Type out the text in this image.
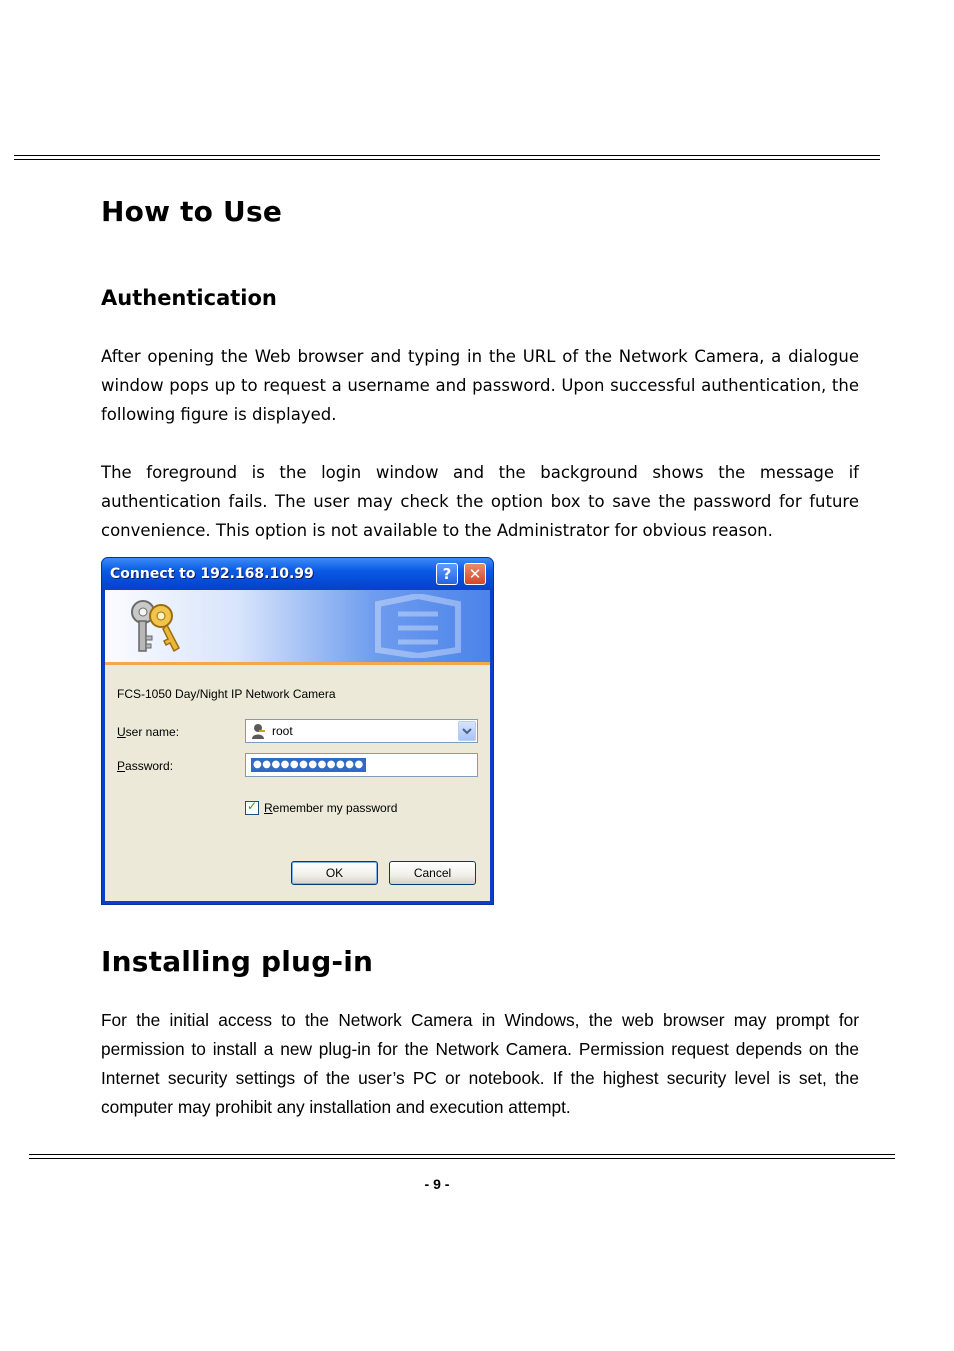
How to Use
Authentication

After opening the Web browser and typing in the URL of the Network Camera, a dialogue window pops up to request a username and password. Upon successful authentication, the following figure is displayed.

The foreground is the login window and the background shows the message if authentication fails. The user may check the option box to save the password for future convenience. This option is not available to the Administrator for obvious reason.

Connect to 192.168.10.99	?	✕
FCS-1050 Day/Night IP Network Camera
User name:	root
Password:	●●●●●●●●●●●●
✓ Remember my password
OK	Cancel
Installing plug-in

For the initial access to the Network Camera in Windows, the web browser may prompt for permission to install a new plug-in for the Network Camera. Permission request depends on the Internet security settings of the user’s PC or notebook. If the highest security level is set, the computer may prohibit any installation and execution attempt.

- 9 -
